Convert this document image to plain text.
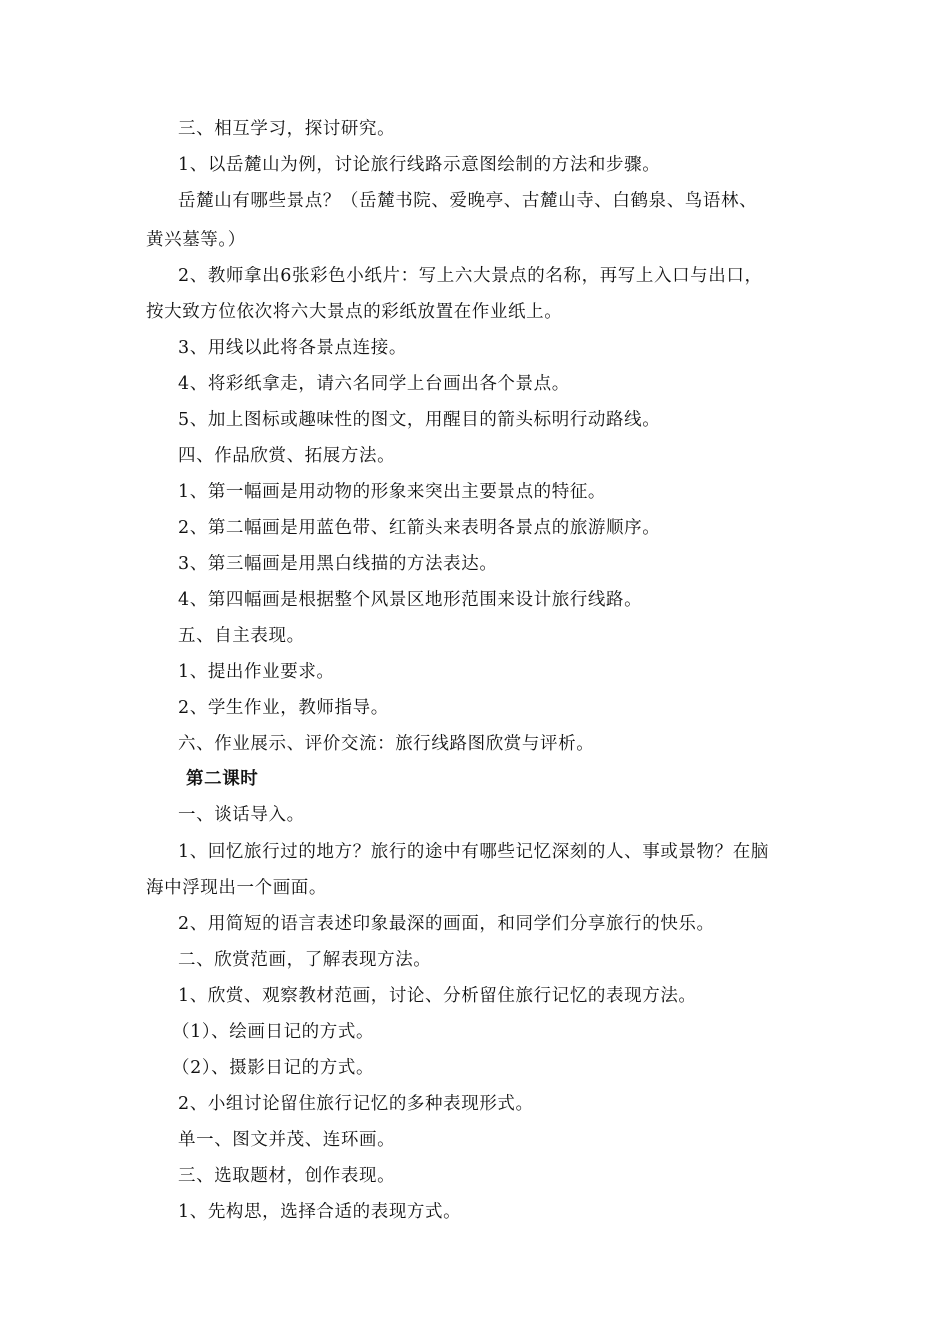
三、相互学习，探讨研究。
1、以岳麓山为例，讨论旅行线路示意图绘制的方法和步骤。
岳麓山有哪些景点？（岳麓书院、爱晚亭、古麓山寺、白鹤泉、鸟语林、
黄兴墓等。）
2、教师拿出6张彩色小纸片：写上六大景点的名称，再写上入口与出口，
按大致方位依次将六大景点的彩纸放置在作业纸上。
3、用线以此将各景点连接。
4、将彩纸拿走，请六名同学上台画出各个景点。
5、加上图标或趣味性的图文，用醒目的箭头标明行动路线。
四、作品欣赏、拓展方法。
1、第一幅画是用动物的形象来突出主要景点的特征。
2、第二幅画是用蓝色带、红箭头来表明各景点的旅游顺序。
3、第三幅画是用黑白线描的方法表达。
4、第四幅画是根据整个风景区地形范围来设计旅行线路。
五、自主表现。
1、提出作业要求。
2、学生作业，教师指导。
六、作业展示、评价交流：旅行线路图欣赏与评析。
第二课时
一、谈话导入。
1、回忆旅行过的地方？旅行的途中有哪些记忆深刻的人、事或景物？在脑
海中浮现出一个画面。
2、用简短的语言表述印象最深的画面，和同学们分享旅行的快乐。
二、欣赏范画，了解表现方法。
1、欣赏、观察教材范画，讨论、分析留住旅行记忆的表现方法。
（1）、绘画日记的方式。
（2）、摄影日记的方式。
2、小组讨论留住旅行记忆的多种表现形式。
单一、图文并茂、连环画。
三、选取题材，创作表现。
1、先构思，选择合适的表现方式。
